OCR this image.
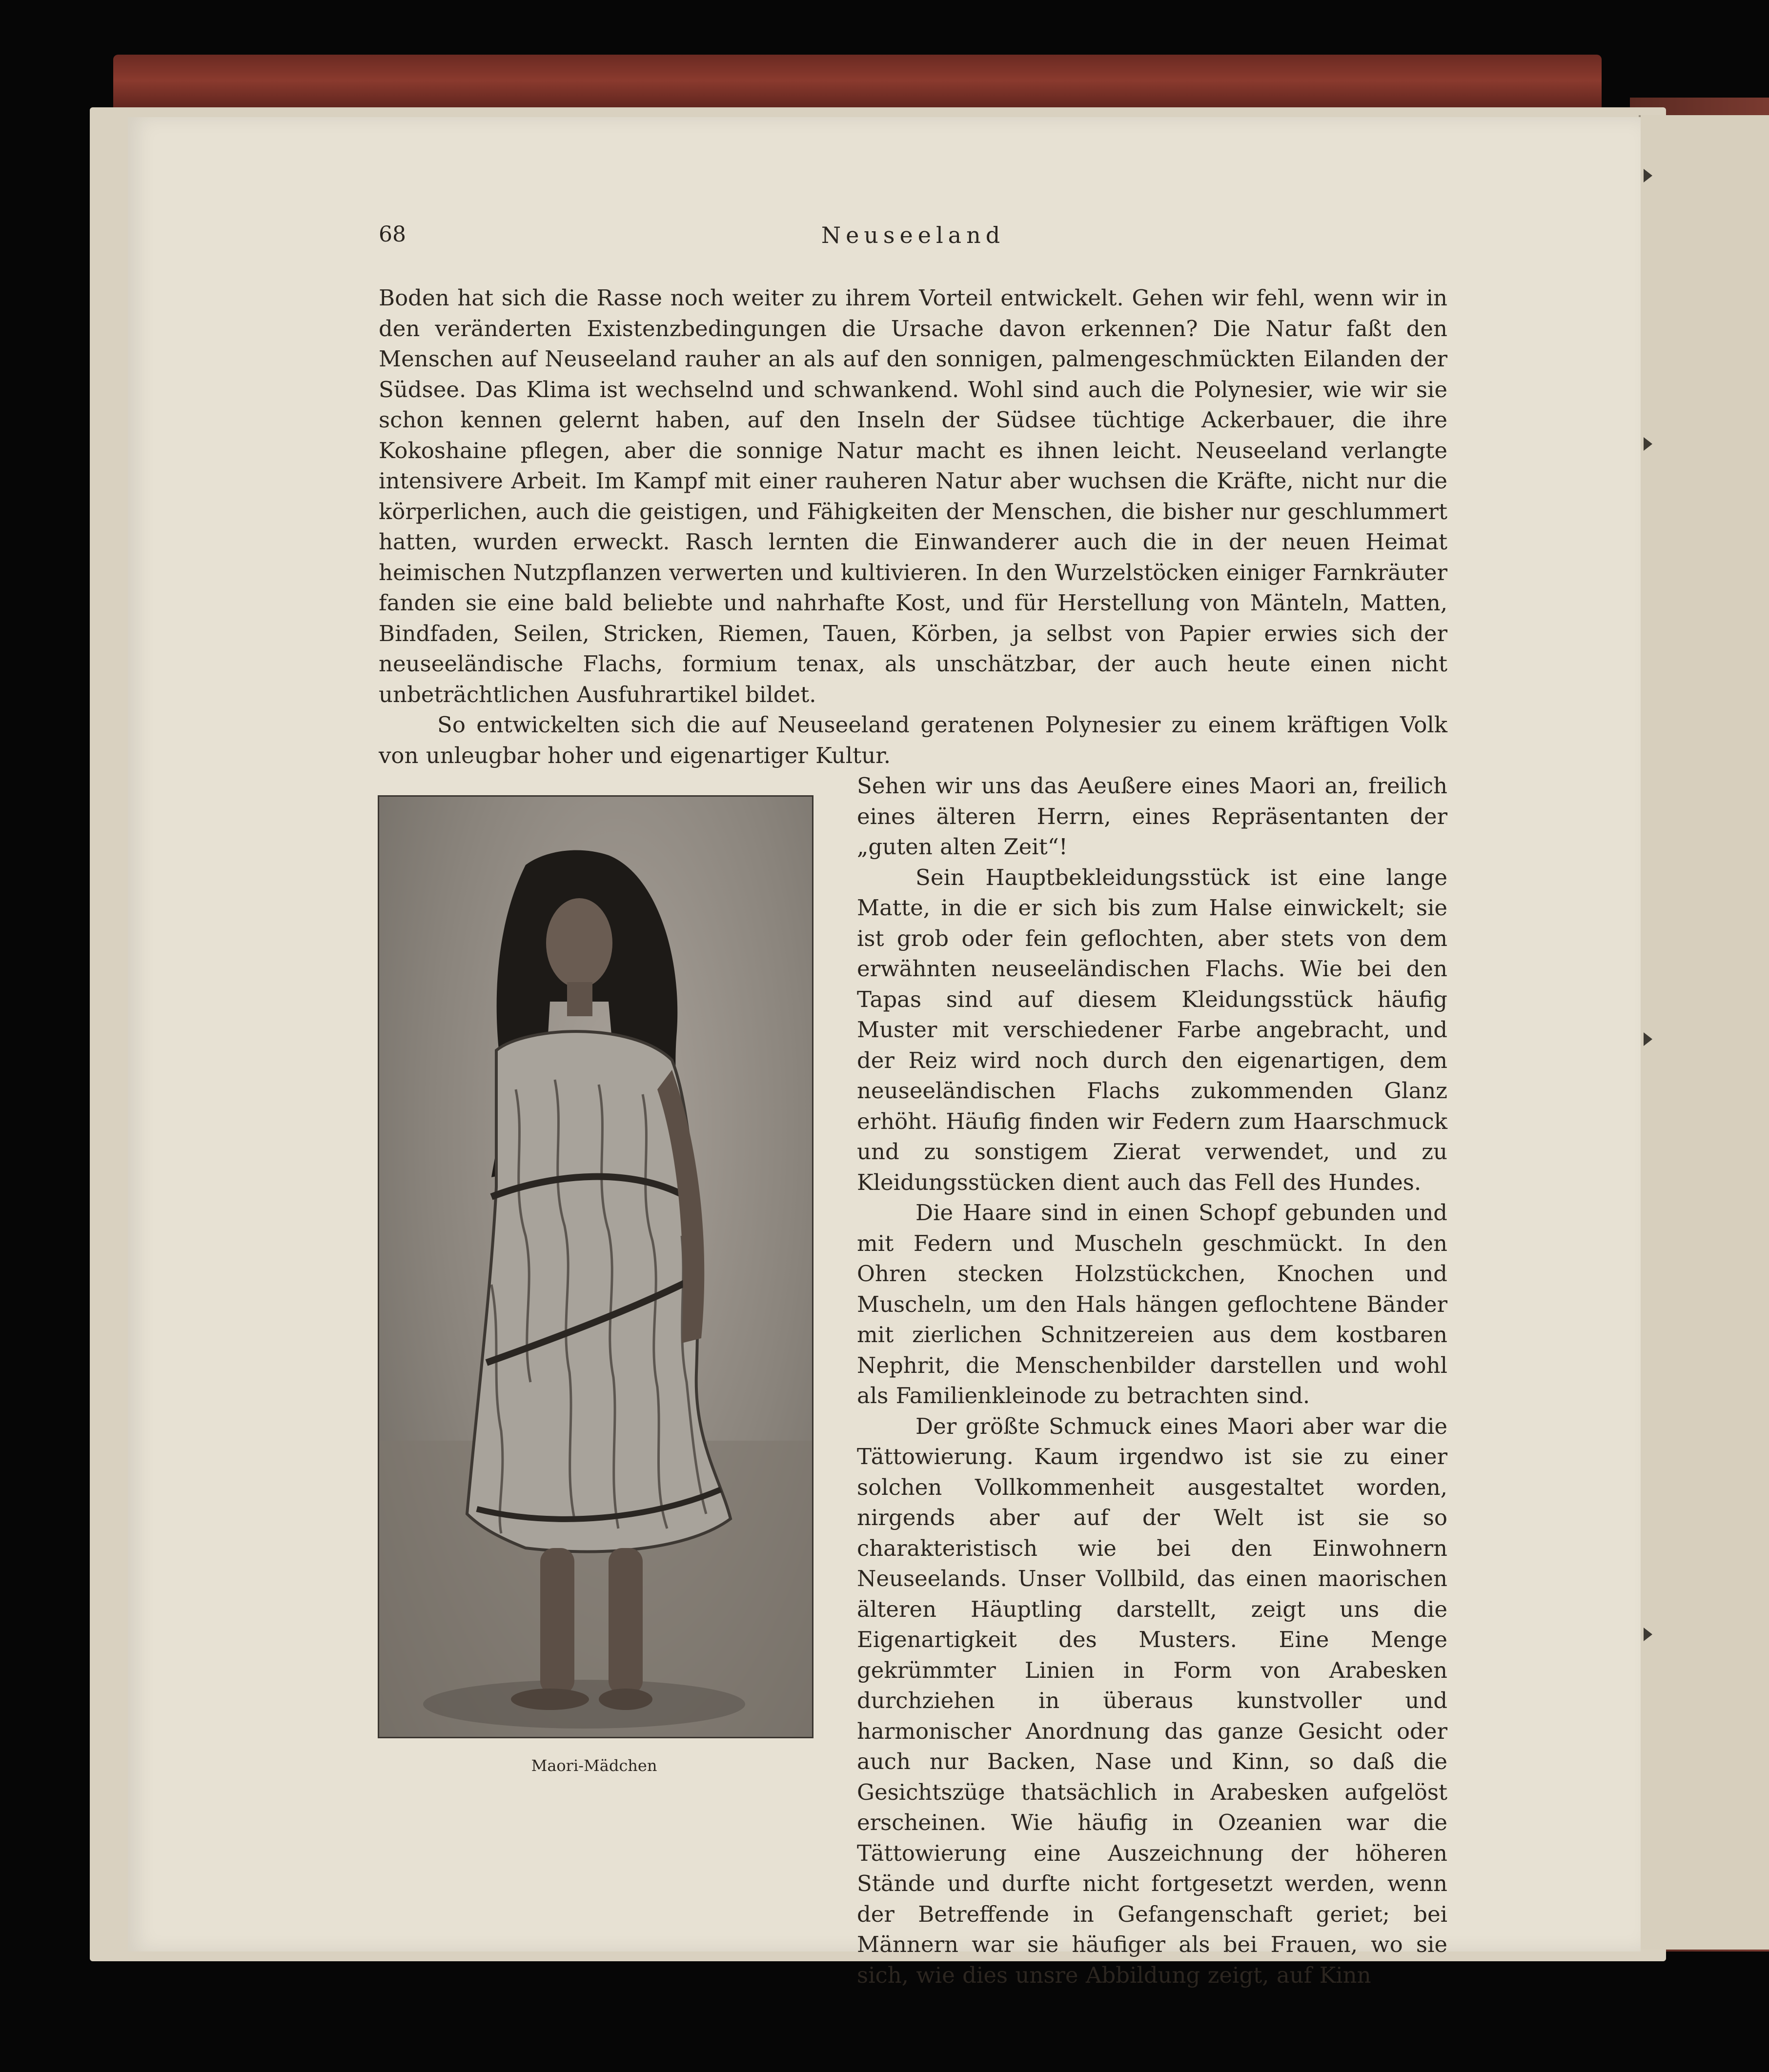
68	Neuseeland

Boden hat sich die Rasse noch weiter zu ihrem Vorteil entwickelt. Gehen wir fehl, wenn wir in den veränderten Existenzbedingungen die Ursache davon erkennen? Die Natur faßt den Menschen auf Neuseeland rauher an als auf den sonnigen, palmengeschmückten Eilanden der Südsee. Das Klima ist wechselnd und schwankend. Wohl sind auch die Polynesier, wie wir sie schon kennen gelernt haben, auf den Inseln der Südsee tüchtige Ackerbauer, die ihre Kokoshaine pflegen, aber die sonnige Natur macht es ihnen leicht. Neuseeland verlangte intensivere Arbeit. Im Kampf mit einer rauheren Natur aber wuchsen die Kräfte, nicht nur die körperlichen, auch die geistigen, und Fähigkeiten der Menschen, die bisher nur geschlummert hatten, wurden erweckt. Rasch lernten die Einwanderer auch die in der neuen Heimat heimischen Nutzpflanzen verwerten und kultivieren. In den Wurzelstöcken einiger Farnkräuter fanden sie eine bald beliebte und nahrhafte Kost, und für Herstellung von Mänteln, Matten, Bindfaden, Seilen, Stricken, Riemen, Tauen, Körben, ja selbst von Papier erwies sich der neuseeländische Flachs, formium tenax, als unschätzbar, der auch heute einen nicht unbeträchtlichen Ausfuhrartikel bildet.

So entwickelten sich die auf Neuseeland geratenen Polynesier zu einem kräftigen Volk von unleugbar hoher und eigenartiger Kultur.

Maori-Mädchen

Sehen wir uns das Aeußere eines Maori an, freilich eines älteren Herrn, eines Repräsentanten der „guten alten Zeit“!

Sein Hauptbekleidungsstück ist eine lange Matte, in die er sich bis zum Halse einwickelt; sie ist grob oder fein geflochten, aber stets von dem erwähnten neuseeländischen Flachs. Wie bei den Tapas sind auf diesem Kleidungsstück häufig Muster mit verschiedener Farbe angebracht, und der Reiz wird noch durch den eigenartigen, dem neuseeländischen Flachs zukommenden Glanz erhöht. Häufig finden wir Federn zum Haarschmuck und zu sonstigem Zierat verwendet, und zu Kleidungsstücken dient auch das Fell des Hundes.

Die Haare sind in einen Schopf gebunden und mit Federn und Muscheln geschmückt. In den Ohren stecken Holzstückchen, Knochen und Muscheln, um den Hals hängen geflochtene Bänder mit zierlichen Schnitzereien aus dem kostbaren Nephrit, die Menschenbilder darstellen und wohl als Familienkleinode zu betrachten sind.

Der größte Schmuck eines Maori aber war die Tättowierung. Kaum irgendwo ist sie zu einer solchen Vollkommenheit ausgestaltet worden, nirgends aber auf der Welt ist sie so charakteristisch wie bei den Einwohnern Neuseelands. Unser Vollbild, das einen maorischen älteren Häuptling darstellt, zeigt uns die Eigenartigkeit des Musters. Eine Menge gekrümmter Linien in Form von Arabesken durchziehen in überaus kunstvoller und harmonischer Anordnung das ganze Gesicht oder auch nur Backen, Nase und Kinn, so daß die Gesichtszüge thatsächlich in Arabesken aufgelöst erscheinen. Wie häufig in Ozeanien war die Tättowierung eine Auszeichnung der höheren Stände und durfte nicht fortgesetzt werden, wenn der Betreffende in Gefangenschaft geriet; bei Männern war sie häufiger als bei Frauen, wo sie sich, wie dies unsre Abbildung zeigt, auf Kinn
